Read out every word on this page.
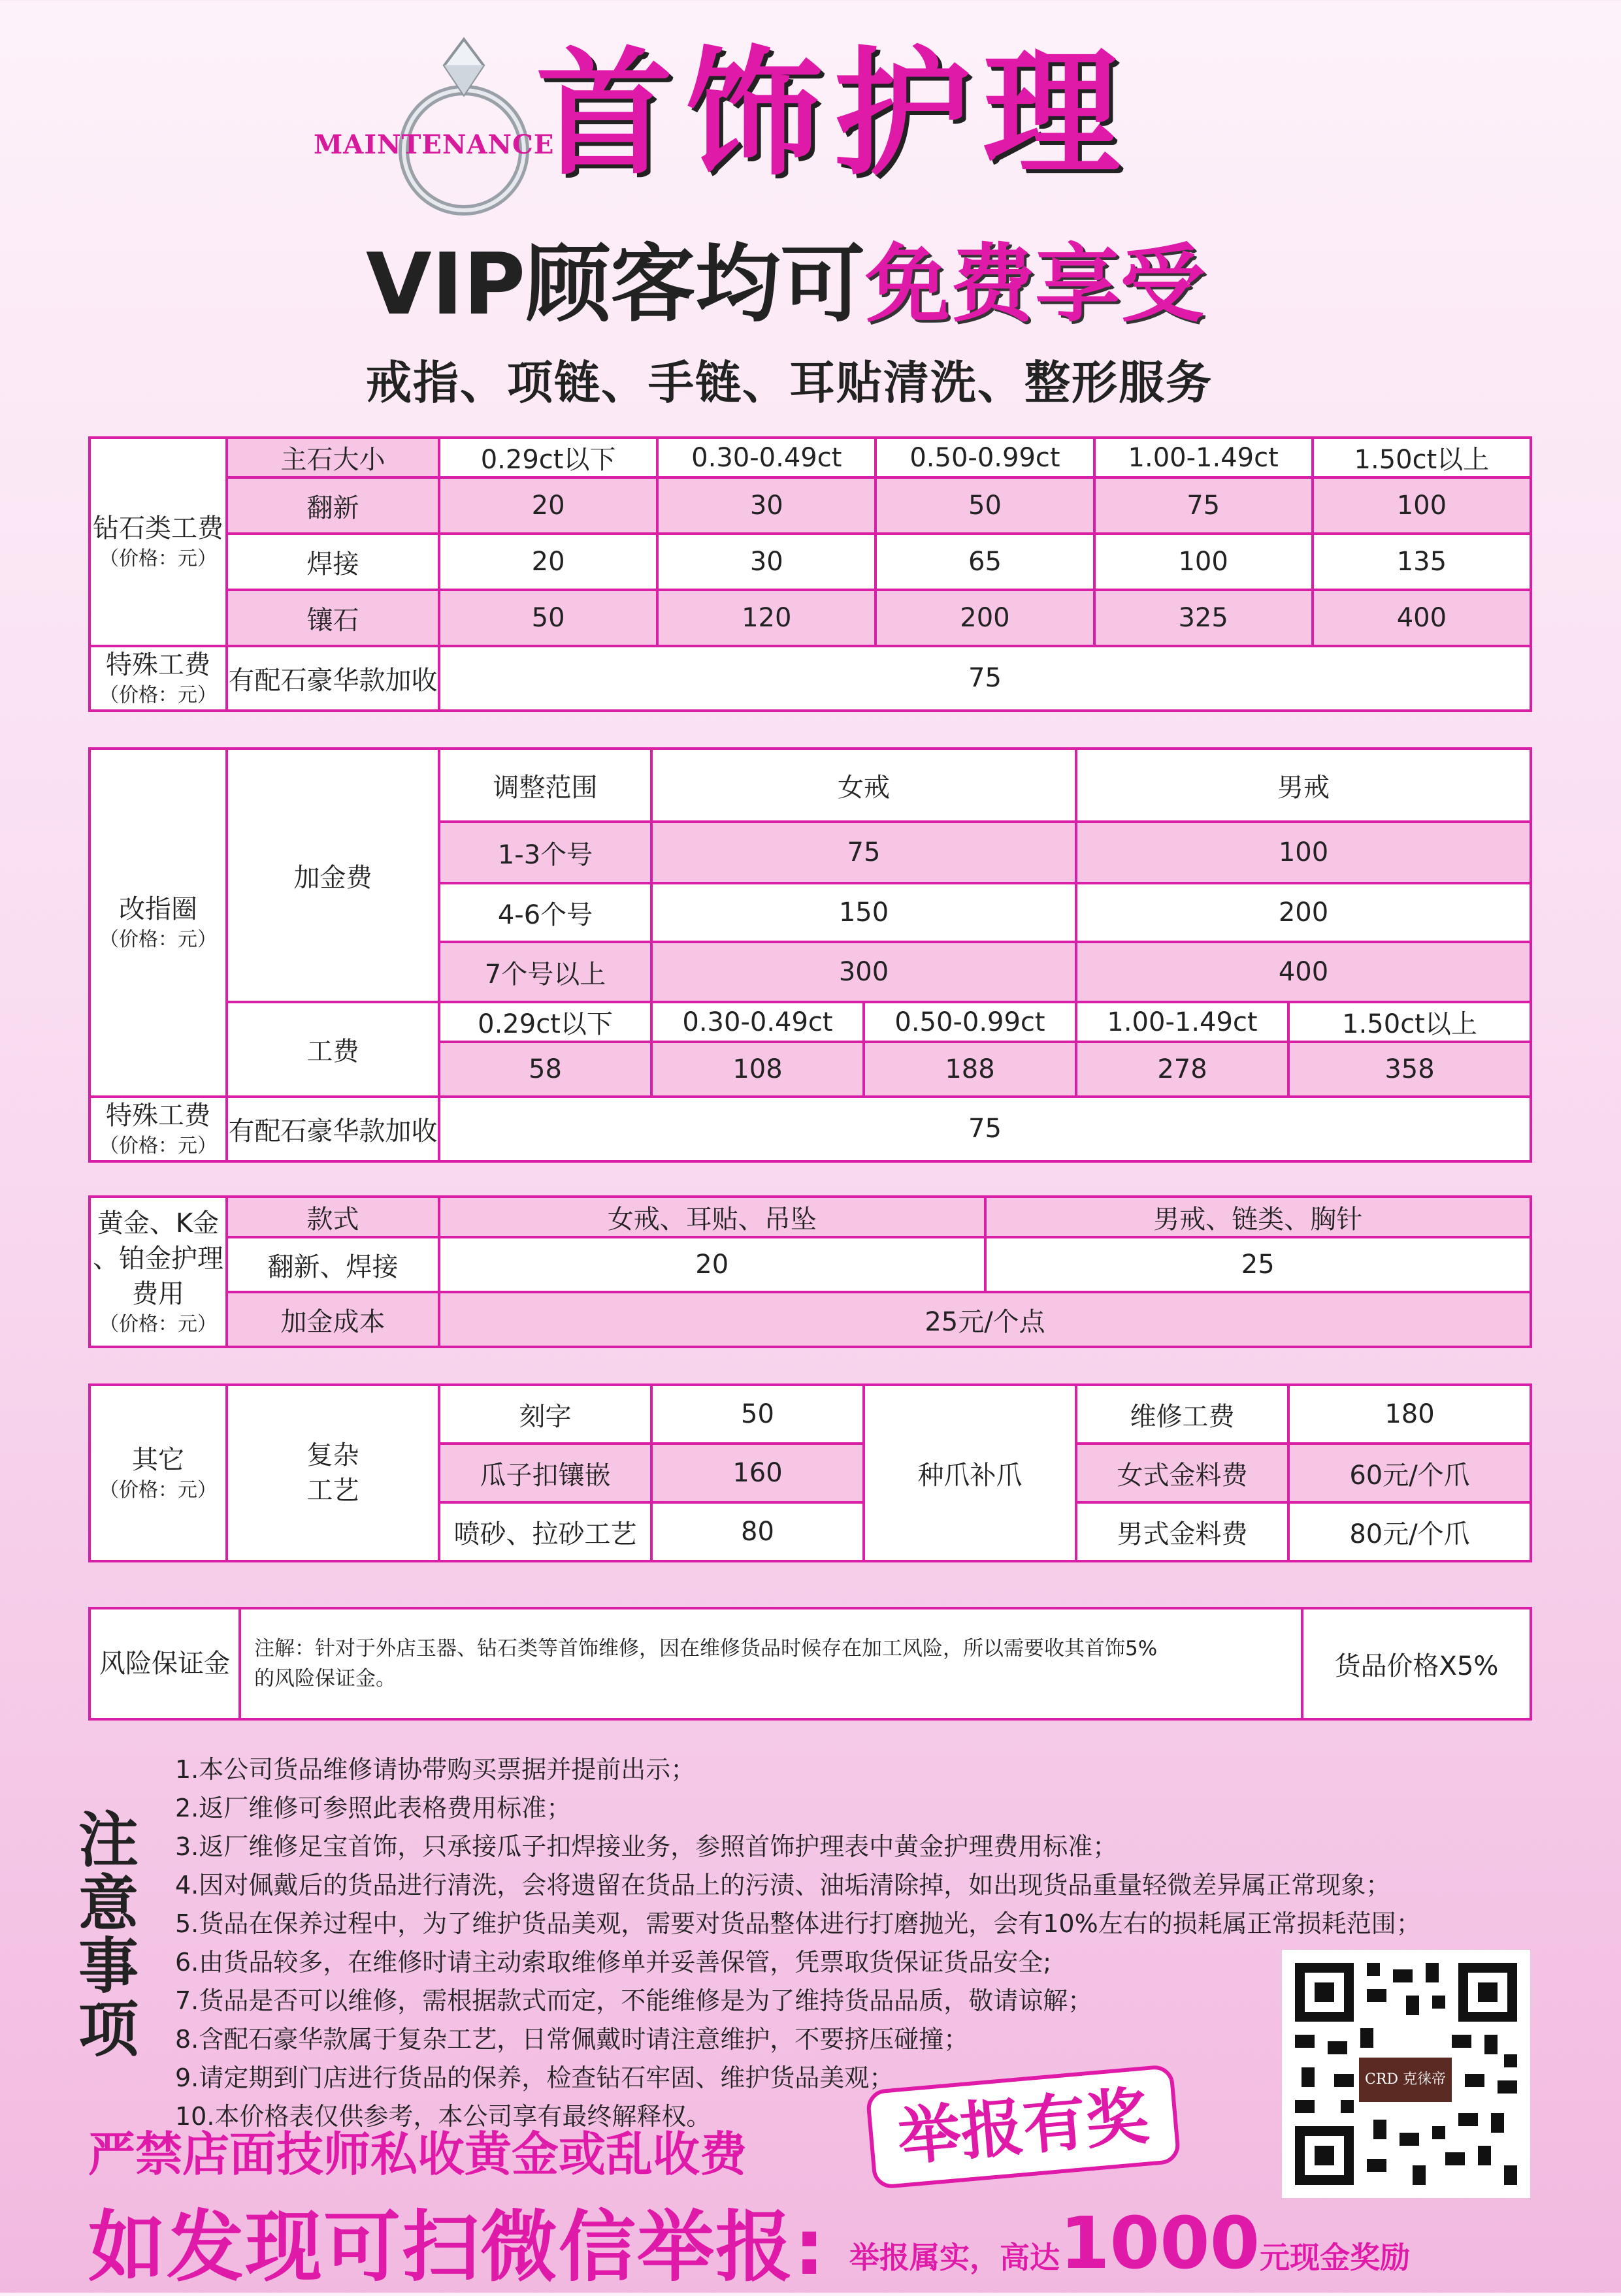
MAINTENANCE
首饰护理
VIP顾客均可免费享受
戒指、项链、手链、耳贴清洗、整形服务
钻石类工费
（价格：元）	主石大小	0.29ct以下	0.30-0.49ct	0.50-0.99ct	1.00-1.49ct	1.50ct以上
	翻新	20	30	50	75	100
	焊接	20	30	65	100	135
	镶石	50	120	200	325	400
特殊工费
（价格：元）	有配石豪华款加收	75				
改指圈
（价格：元）	加金费	调整范围	女戒		男戒	
		1-3个号	75		100	
		4-6个号	150		200	
		7个号以上	300		400	
	工费	0.29ct以下	0.30-0.49ct	0.50-0.99ct	1.00-1.49ct	1.50ct以上
		58	108	188	278	358
特殊工费
（价格：元）	有配石豪华款加收	75				
黄金、K金
、铂金护理
费用
（价格：元）	款式	女戒、耳贴、吊坠	男戒、链类、胸针
	翻新、焊接	20	25
	加金成本	25元/个点	
其它
（价格：元）	复杂
工艺	刻字	50	种爪补爪	维修工费	180
		瓜子扣镶嵌	160		女式金料费	60元/个爪
		喷砂、拉砂工艺	80		男式金料费	80元/个爪
风险保证金	
注解：针对于外店玉器、钻石类等首饰维修，因在维修货品时候存在加工风险，所以需要收其首饰5%
的风险保证金。	货品价格X5%
注
意
事
项
1.本公司货品维修请协带购买票据并提前出示；
2.返厂维修可参照此表格费用标准；
3.返厂维修足宝首饰，只承接瓜子扣焊接业务，参照首饰护理表中黄金护理费用标准；
4.因对佩戴后的货品进行清洗，会将遗留在货品上的污渍、油垢清除掉，如出现货品重量轻微差异属正常现象；
5.货品在保养过程中，为了维护货品美观，需要对货品整体进行打磨抛光，会有10%左右的损耗属正常损耗范围；
6.由货品较多，在维修时请主动索取维修单并妥善保管，凭票取货保证货品安全;
7.货品是否可以维修，需根据款式而定，不能维修是为了维持货品品质，敬请谅解；
8.含配石豪华款属于复杂工艺，日常佩戴时请注意维护，不要挤压碰撞；
9.请定期到门店进行货品的保养，检查钻石牢固、维护货品美观；
10.本价格表仅供参考，本公司享有最终解释权。
CRD 克徕帝
严禁店面技师私收黄金或乱收费
如发现可扫微信举报:
举报有奖
举报属实，高达1000元现金奖励
